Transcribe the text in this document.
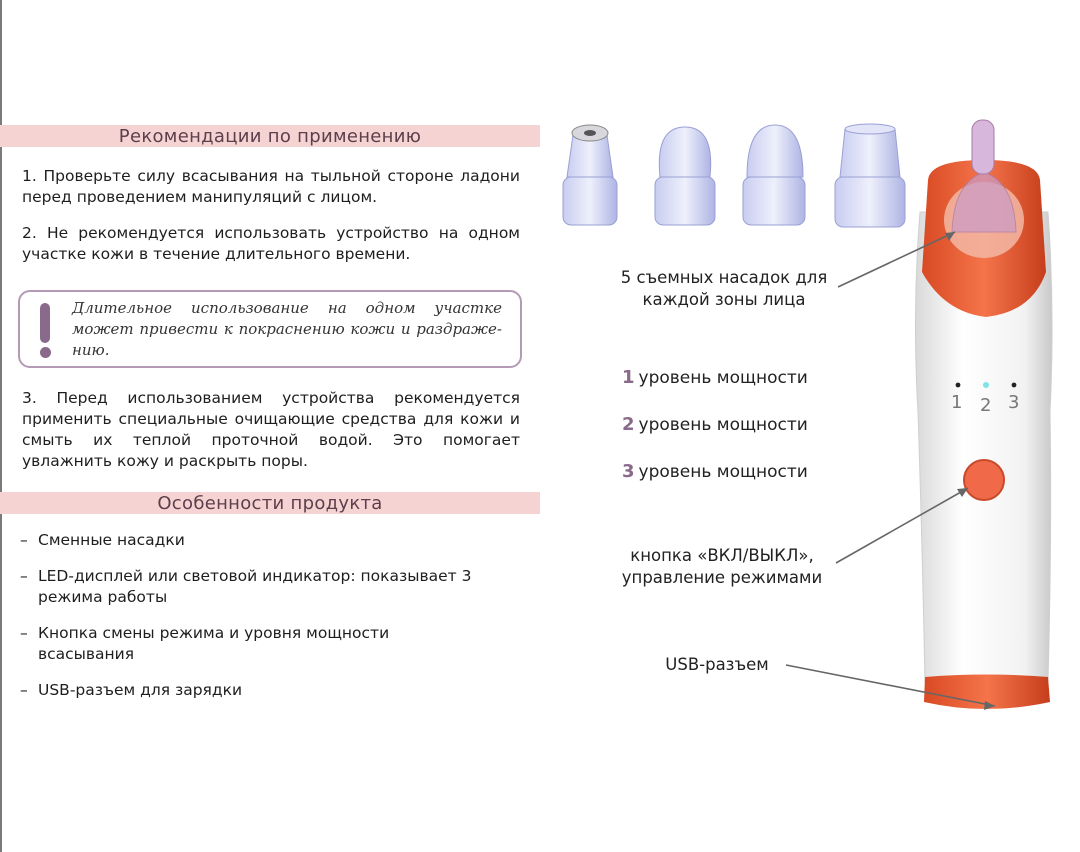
Рекомендации по применению
1. Проверьте силу всасывания на тыльной стороне ладони перед проведением манипуляций с лицом.
2. Не рекомендуется использовать устройство на одном участке кожи в течение длительного времени.
Длительное использование на одном участке может привести к покраснению кожи и раздраже-нию.
3. Перед использованием устройства рекомендуется применить специальные очищающие средства для кожи и смыть их теплой проточной водой. Это помогает увлажнить кожу и раскрыть поры.
Особенности продукта
– Сменные насадки
– LED-дисплей или световой индикатор: показывает 3 режима работы
– Кнопка смены режима и уровня мощности всасывания
– USB-разъем для зарядки
1 2 3
5 съемных насадок для каждой зоны лица
1 уровень мощности
2 уровень мощности
3 уровень мощности
кнопка «ВКЛ/ВЫКЛ», управление режимами
USB-разъем
